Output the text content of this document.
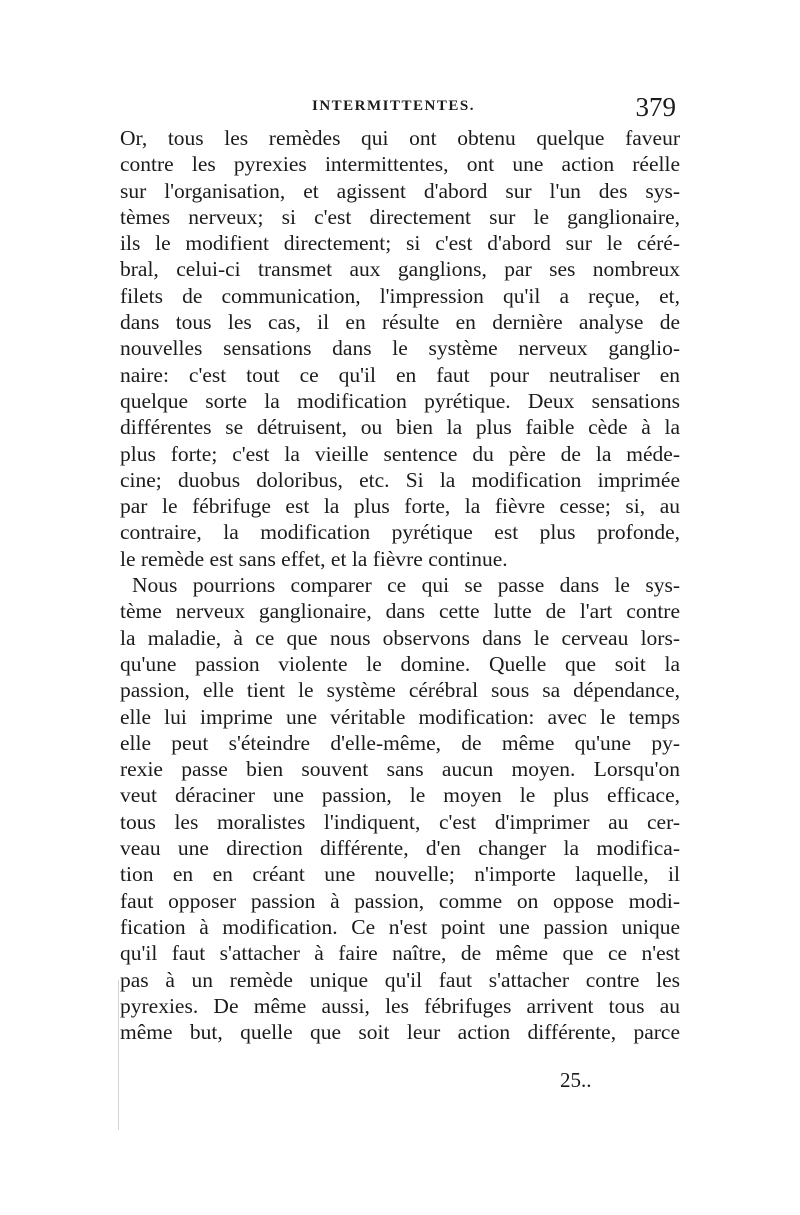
INTERMITTENTES.	379
Or, tous les remèdes qui ont obtenu quelque faveur
contre les pyrexies intermittentes, ont une action réelle
sur l'organisation, et agissent d'abord sur l'un des sys-
tèmes nerveux; si c'est directement sur le ganglionaire,
ils le modifient directement; si c'est d'abord sur le céré-
bral, celui-ci transmet aux ganglions, par ses nombreux
filets de communication, l'impression qu'il a reçue, et,
dans tous les cas, il en résulte en dernière analyse de
nouvelles sensations dans le système nerveux ganglio-
naire: c'est tout ce qu'il en faut pour neutraliser en
quelque sorte la modification pyrétique. Deux sensations
différentes se détruisent, ou bien la plus faible cède à la
plus forte; c'est la vieille sentence du père de la méde-
cine; duobus doloribus, etc. Si la modification imprimée
par le fébrifuge est la plus forte, la fièvre cesse; si, au
contraire, la modification pyrétique est plus profonde,
le remède est sans effet, et la fièvre continue.
Nous pourrions comparer ce qui se passe dans le sys-
tème nerveux ganglionaire, dans cette lutte de l'art contre
la maladie, à ce que nous observons dans le cerveau lors-
qu'une passion violente le domine. Quelle que soit la
passion, elle tient le système cérébral sous sa dépendance,
elle lui imprime une véritable modification: avec le temps
elle peut s'éteindre d'elle-même, de même qu'une py-
rexie passe bien souvent sans aucun moyen. Lorsqu'on
veut déraciner une passion, le moyen le plus efficace,
tous les moralistes l'indiquent, c'est d'imprimer au cer-
veau une direction différente, d'en changer la modifica-
tion en en créant une nouvelle; n'importe laquelle, il
faut opposer passion à passion, comme on oppose modi-
fication à modification. Ce n'est point une passion unique
qu'il faut s'attacher à faire naître, de même que ce n'est
pas à un remède unique qu'il faut s'attacher contre les
pyrexies. De même aussi, les fébrifuges arrivent tous au
même but, quelle que soit leur action différente, parce
25..
